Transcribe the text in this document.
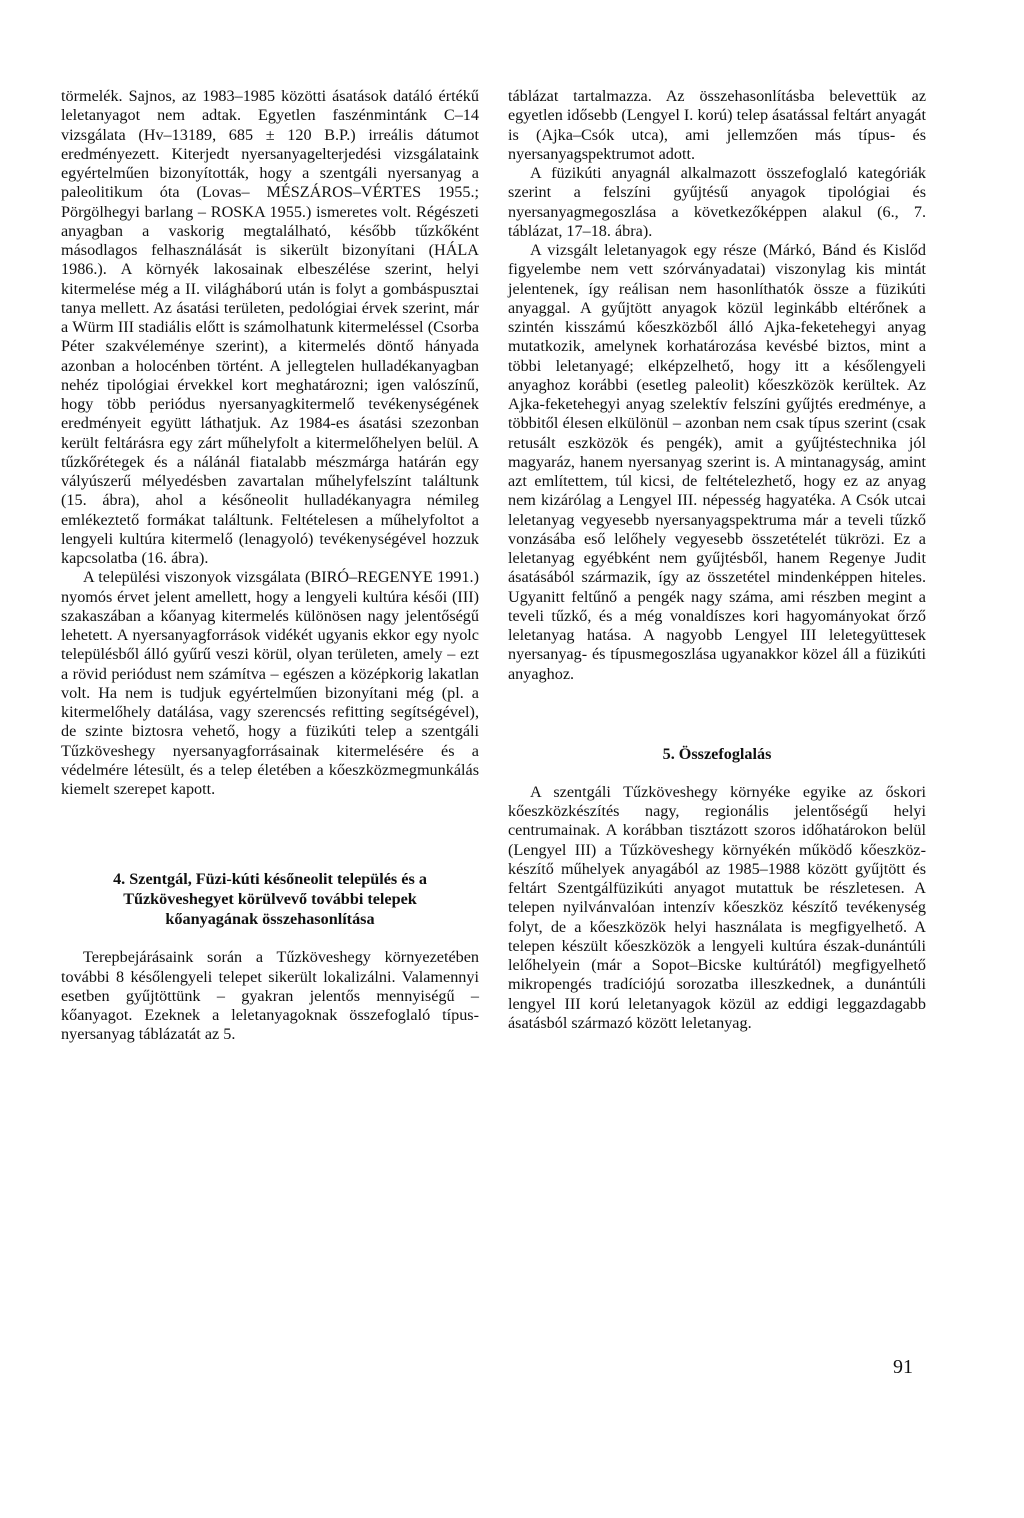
törmelék. Sajnos, az 1983–1985 közötti ásatások datáló értékű leletanyagot nem adtak. Egyetlen faszénmintánk C–14 vizsgálata (Hv–13189, 685 ± 120 B.P.) irreális dátumot eredményezett. Kiterjedt nyersanyagelterjedési vizsgálataink egyértelműen bizonyították, hogy a szentgáli nyersanyag a paleolitikum óta (Lovas– MÉSZÁROS–VÉRTES 1955.; Pörgölhegyi barlang – ROSKA 1955.) ismeretes volt. Régészeti anyagban a vaskorig megtalálható, később tűzkőként másodlagos felhasználását is sikerült bizonyítani (HÁLA 1986.). A környék lakosainak elbeszélése szerint, helyi kitermelése még a II. világháború után is folyt a gombáspusztai tanya mellett. Az ásatási területen, pedológiai érvek szerint, már a Würm III stadiális előtt is számolhatunk kitermeléssel (Csorba Péter szakvéleménye szerint), a kitermelés döntő hányada azonban a holocénben történt. A jellegtelen hulladékanyagban nehéz tipológiai érvekkel kort meghatározni; igen valószínű, hogy több periódus nyersanyagkitermelő tevékenységének eredményeit együtt láthatjuk. Az 1984-es ásatási szezonban került feltárásra egy zárt műhelyfolt a kitermelőhelyen belül. A tűzkőrétegek és a nálánál fiatalabb mészmárga határán egy vályúszerű mélyedésben zavartalan műhelyfelszínt találtunk (15. ábra), ahol a későneolit hulladékanyagra némileg emlékeztető formákat találtunk. Feltételesen a műhelyfoltot a lengyeli kultúra kitermelő (lenagyoló) tevékenységével hozzuk kapcsolatba (16. ábra).

A települési viszonyok vizsgálata (BIRÓ–REGENYE 1991.) nyomós érvet jelent amellett, hogy a lengyeli kultúra késői (III) szakaszában a kőanyag kitermelés különösen nagy jelentőségű lehetett. A nyersanyagforrások vidékét ugyanis ekkor egy nyolc településből álló gyűrű veszi körül, olyan területen, amely – ezt a rövid periódust nem számítva – egészen a középkorig lakatlan volt. Ha nem is tudjuk egyértelműen bizonyítani még (pl. a kitermelőhely datálása, vagy szerencsés refitting segítségével), de szinte biztosra vehető, hogy a füzikúti telep a szentgáli Tűzköveshegy nyersanyagforrásainak kitermelésére és a védelmére létesült, és a telep életében a kőeszközmegmunkálás kiemelt szerepet kapott.

4. Szentgál, Füzi-kúti későneolit település és a
Tűzköveshegyet körülvevő további telepek
kőanyagának összehasonlítása

Terepbejárásaink során a Tűzköveshegy környezetében további 8 későlengyeli telepet sikerült lokalizálni. Valamennyi esetben gyűjtöttünk – gyakran jelentős mennyiségű – kőanyagot. Ezeknek a leletanyagoknak összefoglaló típus-nyersanyag táblázatát az 5.

táblázat tartalmazza. Az összehasonlításba belevettük az egyetlen idősebb (Lengyel I. korú) telep ásatással feltárt anyagát is (Ajka–Csók utca), ami jellemzően más típus- és nyersanyagspektrumot adott.

A füzikúti anyagnál alkalmazott összefoglaló kategóriák szerint a felszíni gyűjtésű anyagok tipológiai és nyersanyagmegoszlása a következőképpen alakul (6., 7. táblázat, 17–18. ábra).

A vizsgált leletanyagok egy része (Márkó, Bánd és Kislőd figyelembe nem vett szórványadatai) viszonylag kis mintát jelentenek, így reálisan nem hasonlíthatók össze a füzikúti anyaggal. A gyűjtött anyagok közül leginkább eltérőnek a szintén kisszámú kőeszközből álló Ajka-feketehegyi anyag mutatkozik, amelynek korhatározása kevésbé biztos, mint a többi leletanyagé; elképzelhető, hogy itt a későlengyeli anyaghoz korábbi (esetleg paleolit) kőeszközök kerültek. Az Ajka-feketehegyi anyag szelektív felszíni gyűjtés eredménye, a többitől élesen elkülönül – azonban nem csak típus szerint (csak retusált eszközök és pengék), amit a gyűjtéstechnika jól magyaráz, hanem nyersanyag szerint is. A mintanagyság, amint azt említettem, túl kicsi, de feltételezhető, hogy ez az anyag nem kizárólag a Lengyel III. népesség hagyatéka. A Csók utcai leletanyag vegyesebb nyersanyagspektruma már a teveli tűzkő vonzásába eső lelőhely vegyesebb összetételét tükrözi. Ez a leletanyag egyébként nem gyűjtésből, hanem Regenye Judit ásatásából származik, így az összetétel mindenképpen hiteles. Ugyanitt feltűnő a pengék nagy száma, ami részben megint a teveli tűzkő, és a még vonaldíszes kori hagyományokat őrző leletanyag hatása. A nagyobb Lengyel III leletegyüttesek nyersanyag- és típusmegoszlása ugyanakkor közel áll a füzikúti anyaghoz.

5. Összefoglalás

A szentgáli Tűzköveshegy környéke egyike az őskori kőeszközkészítés nagy, regionális jelentőségű helyi centrumainak. A korábban tisztázott szoros időhatárokon belül (Lengyel III) a Tűzköveshegy környékén működő kőeszköz-készítő műhelyek anyagából az 1985–1988 között gyűjtött és feltárt Szentgálfüzikúti anyagot mutattuk be részletesen. A telepen nyilvánvalóan intenzív kőeszköz készítő tevékenység folyt, de a kőeszközök helyi használata is megfigyelhető. A telepen készült kőeszközök a lengyeli kultúra észak-dunántúli lelőhelyein (már a Sopot–Bicske kultúrától) megfigyelhető mikropengés tradíciójú sorozatba illeszkednek, a dunántúli lengyel III korú leletanyagok közül az eddigi leggazdagabb ásatásból származó között leletanyag.

91
